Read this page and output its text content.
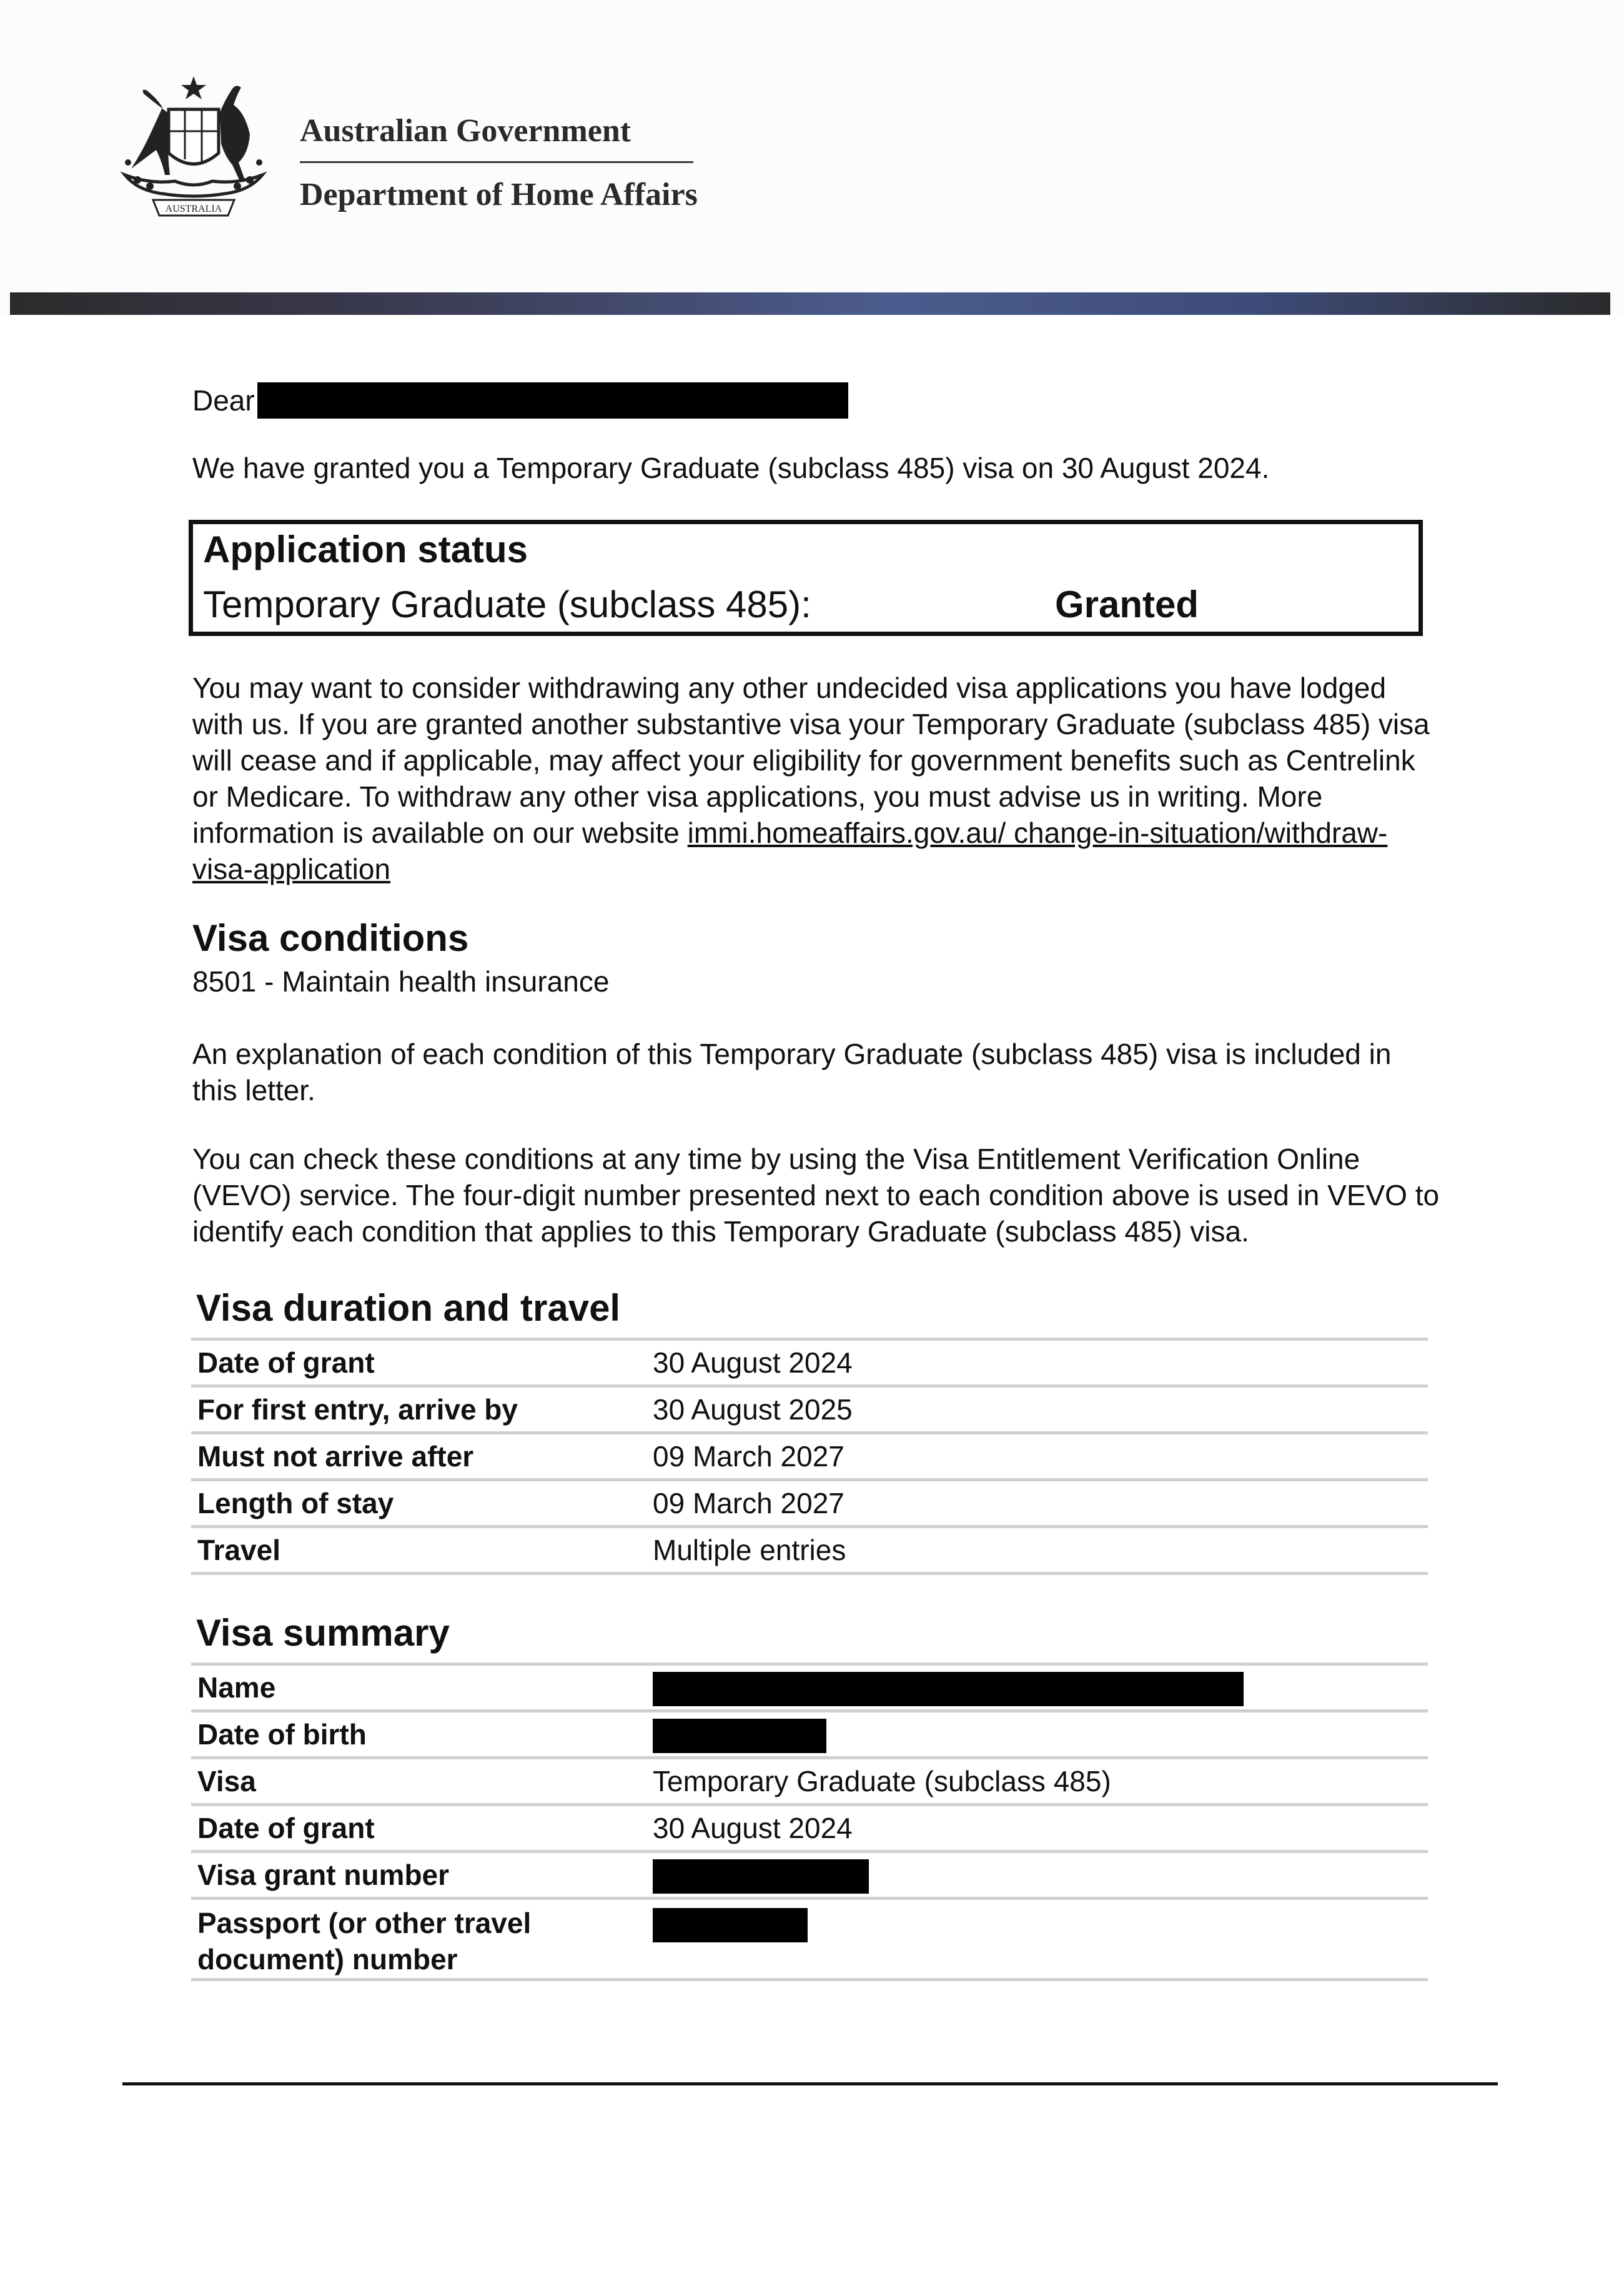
AUSTRALIA
Australian Government
Department of Home Affairs
Dear
We have granted you a Temporary Graduate (subclass 485) visa on 30 August 2024.
Application status
Temporary Graduate (subclass 485):	Granted
You may want to consider withdrawing any other undecided visa applications you have lodged with us. If you are granted another substantive visa your Temporary Graduate (subclass 485) visa will cease and if applicable, may affect your eligibility for government benefits such as Centrelink or Medicare. To withdraw any other visa applications, you must advise us in writing. More information is available on our website immi.homeaffairs.gov.au/ change-in-situation/withdraw-visa-application
Visa conditions
8501 - Maintain health insurance
An explanation of each condition of this Temporary Graduate (subclass 485) visa is included in this letter.
You can check these conditions at any time by using the Visa Entitlement Verification Online (VEVO) service. The four-digit number presented next to each condition above is used in VEVO to identify each condition that applies to this Temporary Graduate (subclass 485) visa.
Visa duration and travel
Date of grant	30 August 2024
For first entry, arrive by	30 August 2025
Must not arrive after	09 March 2027
Length of stay	09 March 2027
Travel	Multiple entries
Visa summary
Name
Date of birth
Visa	Temporary Graduate (subclass 485)
Date of grant	30 August 2024
Visa grant number
Passport (or other travel document) number
